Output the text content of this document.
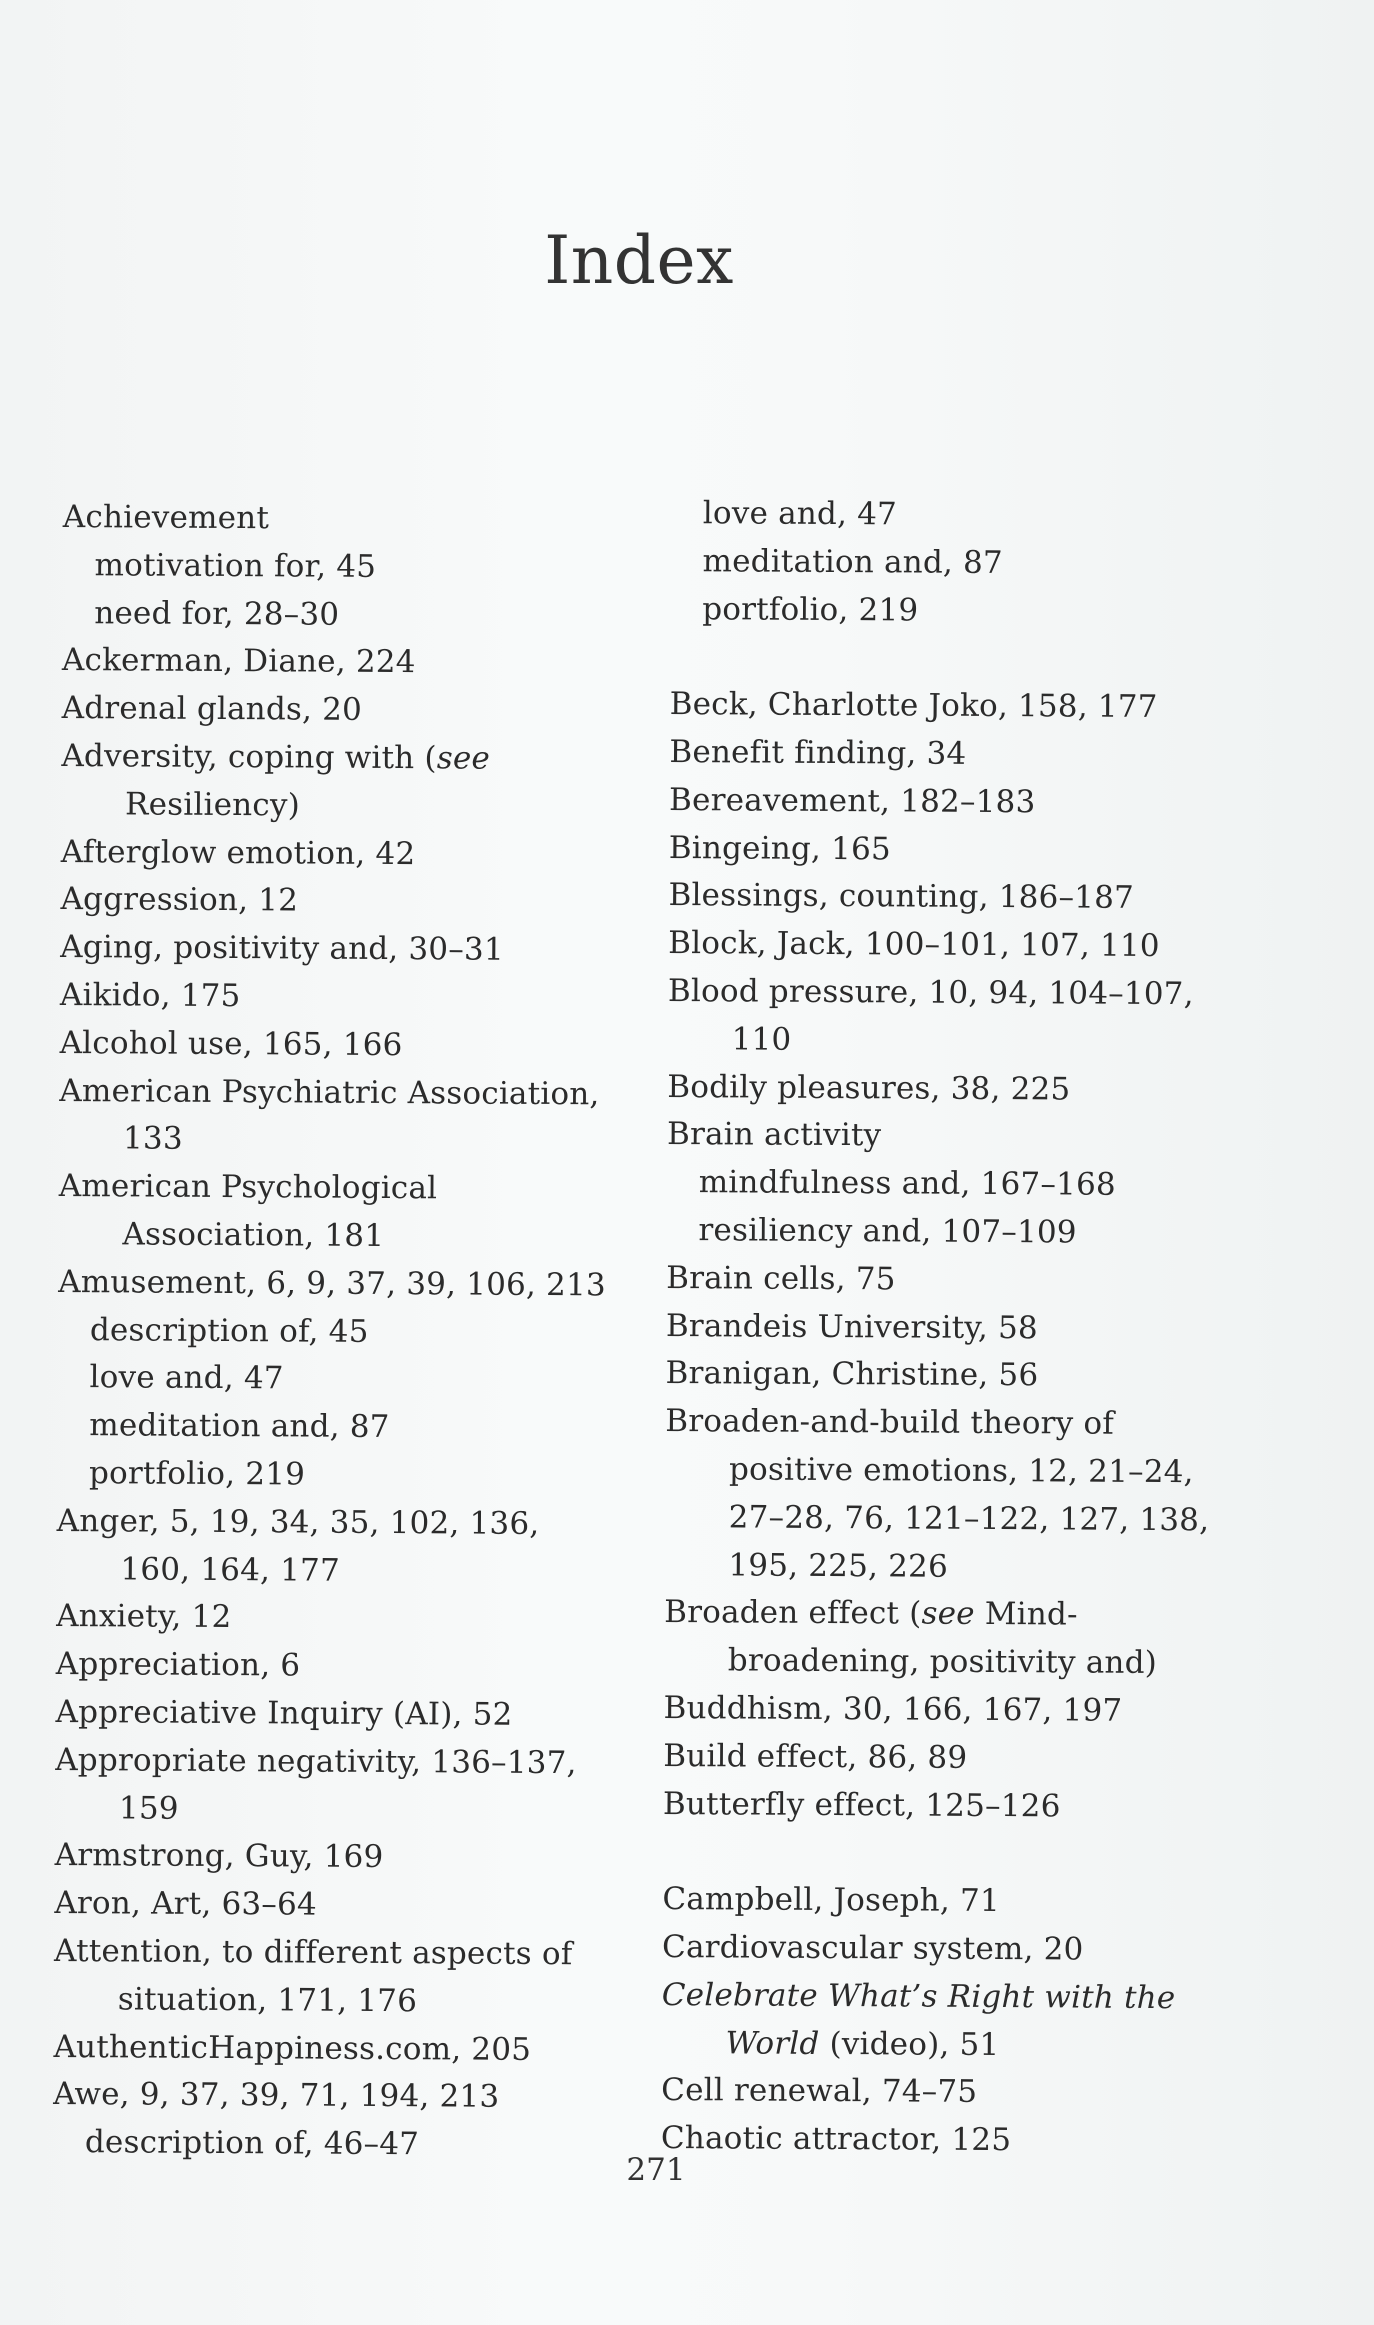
Index

Achievement

motivation for, 45

need for, 28–30

Ackerman, Diane, 224

Adrenal glands, 20

Adversity, coping with (see Resiliency)

Afterglow emotion, 42

Aggression, 12

Aging, positivity and, 30–31

Aikido, 175

Alcohol use, 165, 166

American Psychiatric Association, 133

American Psychological Association, 181

Amusement, 6, 9, 37, 39, 106, 213

description of, 45

love and, 47

meditation and, 87

portfolio, 219

Anger, 5, 19, 34, 35, 102, 136, 160, 164, 177

Anxiety, 12

Appreciation, 6

Appreciative Inquiry (AI), 52

Appropriate negativity, 136–137, 159

Armstrong, Guy, 169

Aron, Art, 63–64

Attention, to different aspects of situation, 171, 176

AuthenticHappiness.com, 205

Awe, 9, 37, 39, 71, 194, 213

description of, 46–47

love and, 47

meditation and, 87

portfolio, 219

Beck, Charlotte Joko, 158, 177

Benefit finding, 34

Bereavement, 182–183

Bingeing, 165

Blessings, counting, 186–187

Block, Jack, 100–101, 107, 110

Blood pressure, 10, 94, 104–107, 110

Bodily pleasures, 38, 225

Brain activity

mindfulness and, 167–168

resiliency and, 107–109

Brain cells, 75

Brandeis University, 58

Branigan, Christine, 56

Broaden-and-build theory of positive emotions, 12, 21–24, 27–28, 76, 121–122, 127, 138, 195, 225, 226

Broaden effect (see Mind-broadening, positivity and)

Buddhism, 30, 166, 167, 197

Build effect, 86, 89

Butterfly effect, 125–126

Campbell, Joseph, 71

Cardiovascular system, 20

Celebrate What’s Right with the World (video), 51

Cell renewal, 74–75

Chaotic attractor, 125

271
